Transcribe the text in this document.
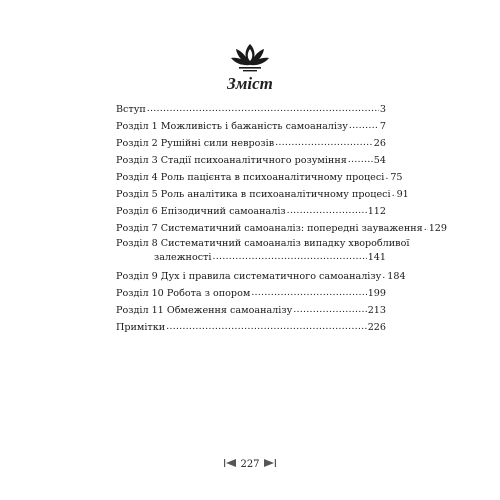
Зміст
Вступ .....	3
Розділ 1 Можливість і бажаність самоаналізу .....	7
Розділ 2 Рушійні сили неврозів .....	26
Розділ 3 Стадії психоаналітичного розуміння .....	54
Розділ 4 Роль пацієнта в психоаналітичному процесі ..... 75
Розділ 5 Роль аналітика в психоаналітичному процесі ..... 91
Розділ 6 Епізодичний самоаналіз .....	112
Розділ 7 Систематичний самоаналіз: попередні зауваження ..... 129
Розділ 8 Систематичний самоаналіз випадку хворобливої
залежності .....	141
Розділ 9 Дух і правила систематичного самоаналізу ..... 184
Розділ 10 Робота з опором .....	199
Розділ 11 Обмеження самоаналізу .....	213
Примітки .....	226
227
